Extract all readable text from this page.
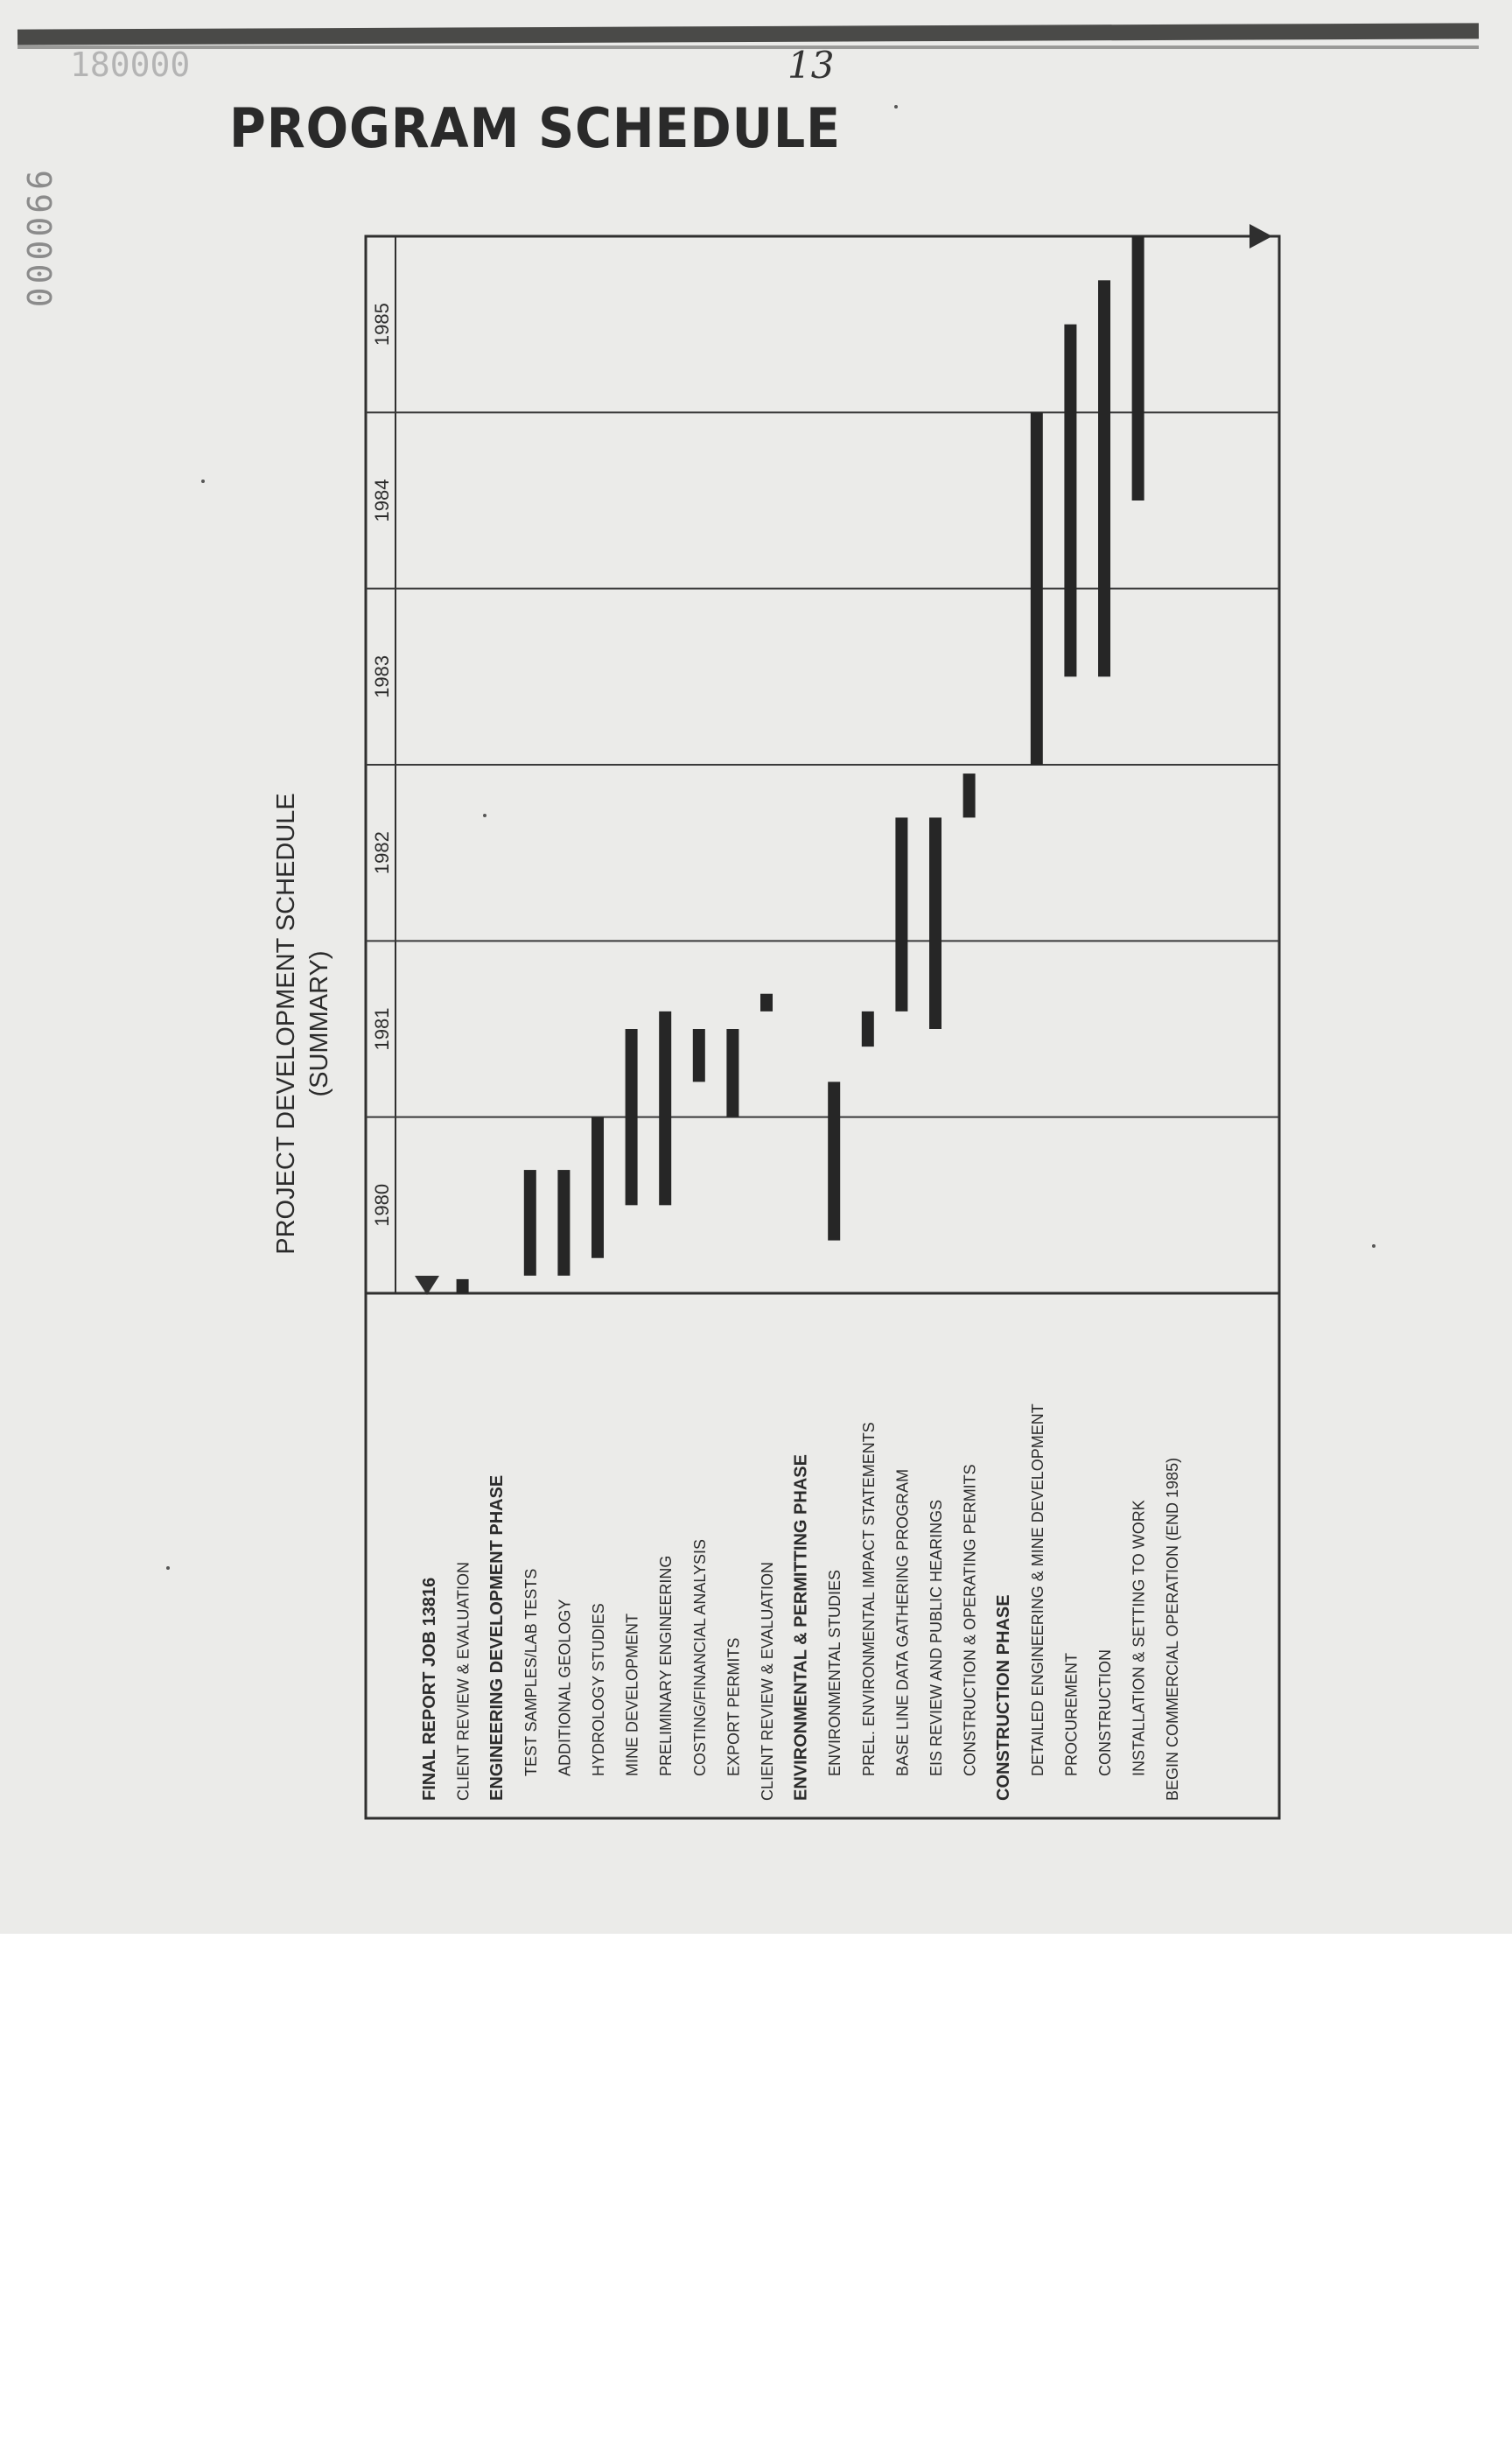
180000
000066
13
PROGRAM SCHEDULE
1980
1981
1982
1983
1984
1985
PROJECT DEVELOPMENT SCHEDULE (SUMMARY)
FINAL REPORT JOB 13816 CLIENT REVIEW & EVALUATION ENGINEERING DEVELOPMENT PHASE TEST SAMPLES/LAB TESTS ADDITIONAL GEOLOGY HYDROLOGY STUDIES MINE DEVELOPMENT PRELIMINARY ENGINEERING COSTING/FINANCIAL ANALYSIS EXPORT PERMITS CLIENT REVIEW & EVALUATION ENVIRONMENTAL & PERMITTING PHASE ENVIRONMENTAL STUDIES PREL. ENVIRONMENTAL IMPACT STATEMENTS BASE LINE DATA GATHERING PROGRAM EIS REVIEW AND PUBLIC HEARINGS CONSTRUCTION & OPERATING PERMITS CONSTRUCTION PHASE DETAILED ENGINEERING & MINE DEVELOPMENT PROCUREMENT CONSTRUCTION INSTALLATION & SETTING TO WORK BEGIN COMMERCIAL OPERATION (END 1985)
